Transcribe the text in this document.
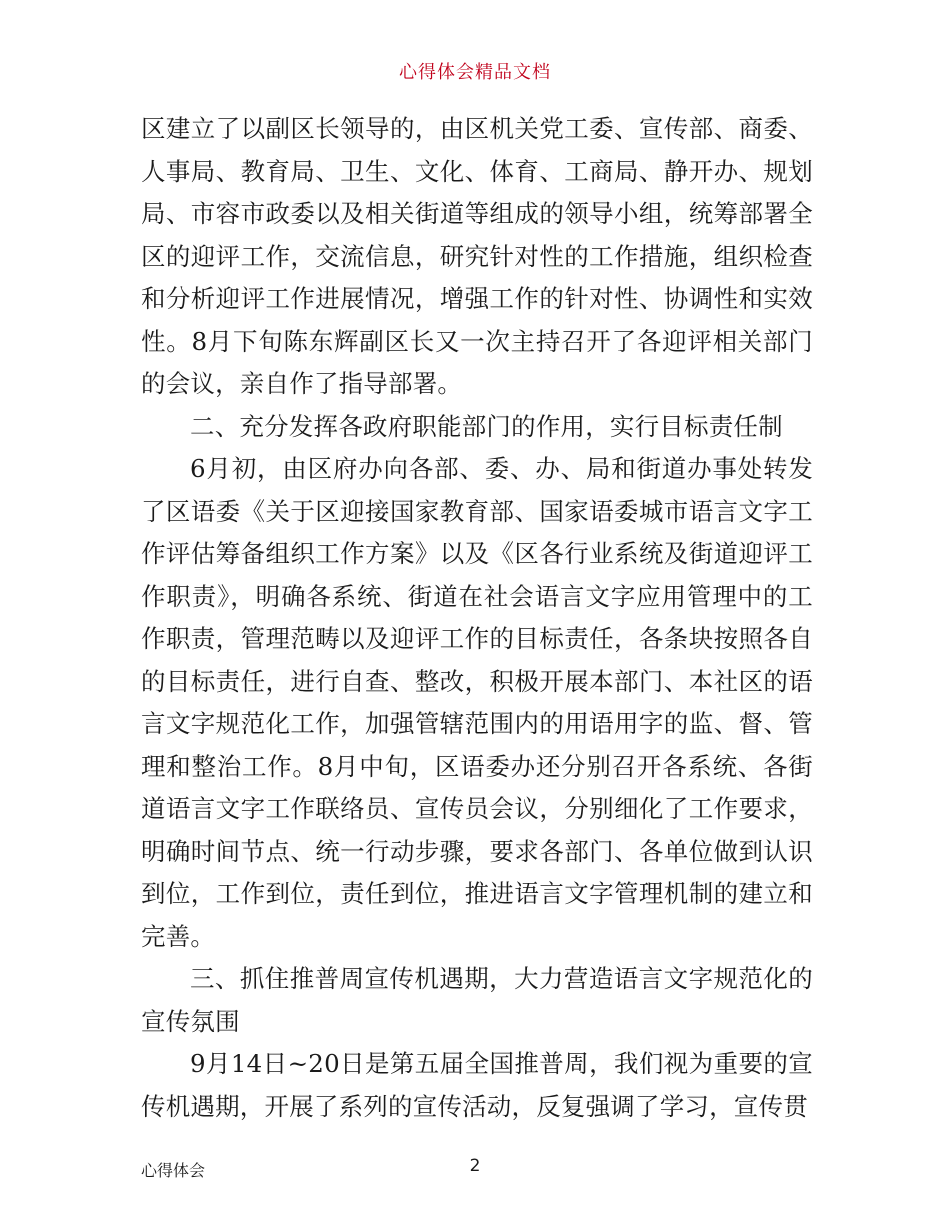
心得体会精品文档

区建立了以副区长领导的，由区机关党工委、宣传部、商委、人事局、教育局、卫生、文化、体育、工商局、静开办、规划局、市容市政委以及相关街道等组成的领导小组，统筹部署全区的迎评工作，交流信息，研究针对性的工作措施，组织检查和分析迎评工作进展情况，增强工作的针对性、协调性和实效性。8月下旬陈东辉副区长又一次主持召开了各迎评相关部门的会议，亲自作了指导部署。

二、充分发挥各政府职能部门的作用，实行目标责任制

6月初，由区府办向各部、委、办、局和街道办事处转发了区语委《关于区迎接国家教育部、国家语委城市语言文字工作评估筹备组织工作方案》以及《区各行业系统及街道迎评工作职责》，明确各系统、街道在社会语言文字应用管理中的工作职责，管理范畴以及迎评工作的目标责任，各条块按照各自的目标责任，进行自查、整改，积极开展本部门、本社区的语言文字规范化工作，加强管辖范围内的用语用字的监、督、管理和整治工作。8月中旬，区语委办还分别召开各系统、各街道语言文字工作联络员、宣传员会议，分别细化了工作要求，明确时间节点、统一行动步骤，要求各部门、各单位做到认识到位，工作到位，责任到位，推进语言文字管理机制的建立和完善。

三、抓住推普周宣传机遇期，大力营造语言文字规范化的宣传氛围

9月14日~20日是第五届全国推普周，我们视为重要的宣传机遇期，开展了系列的宣传活动，反复强调了学习，宣传贯

心得体会	2
